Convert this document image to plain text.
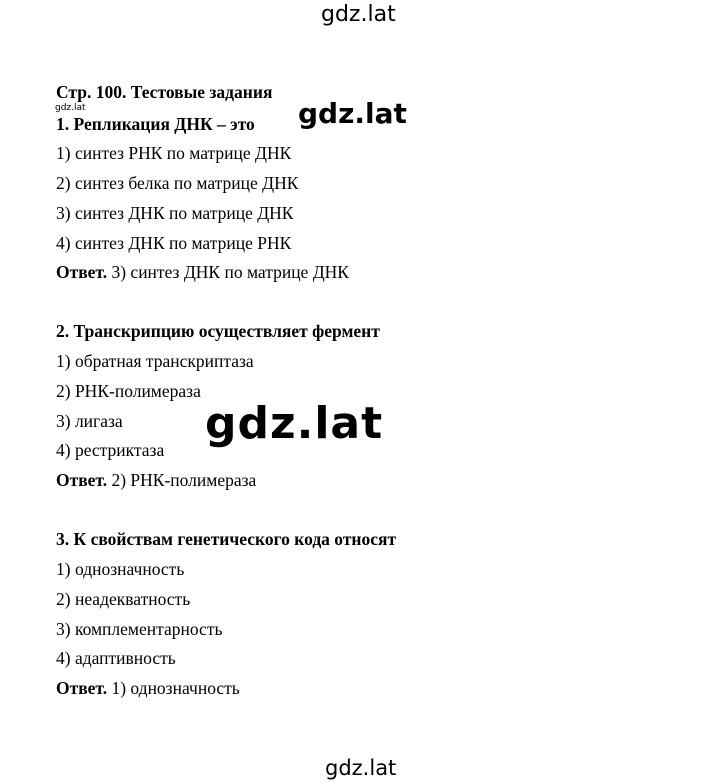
gdz.lat
Стр. 100. Тестовые задания
gdz.lat	gdz.lat
1. Репликация ДНК – это
1) синтез РНК по матрице ДНК
2) синтез белка по матрице ДНК
3) синтез ДНК по матрице ДНК
4) синтез ДНК по матрице РНК
Ответ. 3) синтез ДНК по матрице ДНК
2. Транскрипцию осуществляет фермент
1) обратная транскриптаза
2) РНК-полимераза
3) лигаза
4) рестриктаза
Ответ. 2) РНК-полимераза
gdz.lat
3. К свойствам генетического кода относят
1) однозначность
2) неадекватность
3) комплементарность
4) адаптивность
Ответ. 1) однозначность
gdz.lat
